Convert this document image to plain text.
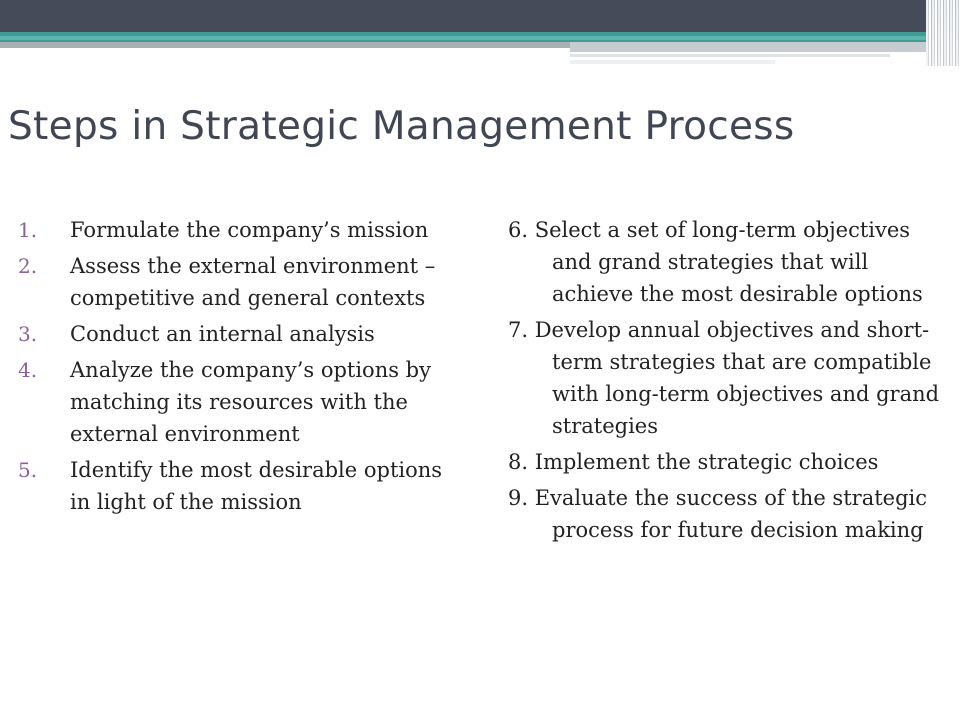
Steps in Strategic Management Process
1. Formulate the company’s mission
2. Assess the external environment – competitive and general contexts
3. Conduct an internal analysis
4. Analyze the company’s options by matching its resources with the external environment
5. Identify the most desirable options in light of the mission
6. Select a set of long-term objectives and grand strategies that will achieve the most desirable options
7. Develop annual objectives and short-term strategies that are compatible with long-term objectives and grand strategies
8. Implement the strategic choices
9. Evaluate the success of the strategic process for future decision making
